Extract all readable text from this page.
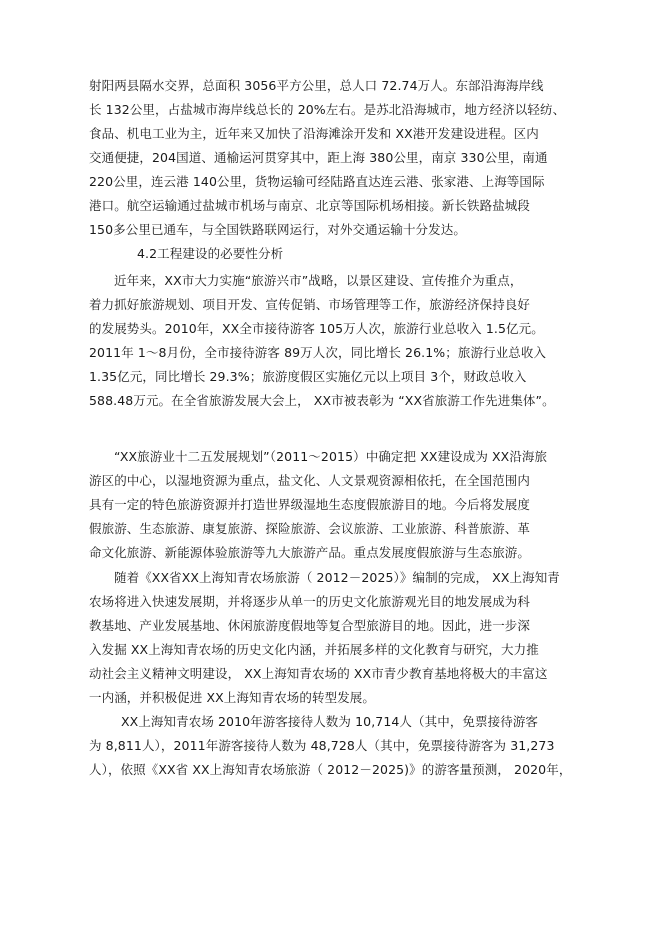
射阳两县隔水交界，总面积 3056平方公里，总人口 72.74万人。东部沿海海岸线

长 132公里，占盐城市海岸线总长的 20%左右。是苏北沿海城市，地方经济以轻纺、

食品、机电工业为主，近年来又加快了沿海滩涂开发和 XX港开发建设进程。区内

交通便捷，204国道、通榆运河贯穿其中，距上海 380公里，南京 330公里，南通

220公里，连云港 140公里，货物运输可经陆路直达连云港、张家港、上海等国际

港口。航空运输通过盐城市机场与南京、北京等国际机场相接。新长铁路盐城段

150多公里已通车，与全国铁路联网运行，对外交通运输十分发达。

4.2工程建设的必要性分析

近年来，XX市大力实施“旅游兴市”战略，以景区建设、宣传推介为重点，

着力抓好旅游规划、项目开发、宣传促销、市场管理等工作，旅游经济保持良好

的发展势头。2010年，XX全市接待游客 105万人次，旅游行业总收入 1.5亿元。

2011年 1～8月份，全市接待游客 89万人次，同比增长 26.1%；旅游行业总收入

1.35亿元，同比增长 29.3%；旅游度假区实施亿元以上项目 3个，财政总收入

588.48万元。在全省旅游发展大会上， XX市被表彰为 “XX省旅游工作先进集体”。

“XX旅游业十二五发展规划”（2011～2015）中确定把 XX建设成为 XX沿海旅

游区的中心，以湿地资源为重点，盐文化、人文景观资源相依托，在全国范围内

具有一定的特色旅游资源并打造世界级湿地生态度假旅游目的地。今后将发展度

假旅游、生态旅游、康复旅游、探险旅游、会议旅游、工业旅游、科普旅游、革

命文化旅游、新能源体验旅游等九大旅游产品。重点发展度假旅游与生态旅游。

随着《XX省XX上海知青农场旅游（ 2012－2025）》编制的完成， XX上海知青

农场将进入快速发展期，并将逐步从单一的历史文化旅游观光目的地发展成为科

教基地、产业发展基地、休闲旅游度假地等复合型旅游目的地。因此，进一步深

入发掘 XX上海知青农场的历史文化内涵，并拓展多样的文化教育与研究，大力推

动社会主义精神文明建设， XX上海知青农场的 XX市青少教育基地将极大的丰富这

一内涵，并积极促进 XX上海知青农场的转型发展。

XX上海知青农场 2010年游客接待人数为 10,714人（其中，免票接待游客

为 8,811人），2011年游客接待人数为 48,728人（其中，免票接待游客为 31,273

人），依照《XX省 XX上海知青农场旅游（ 2012－2025)》的游客量预测， 2020年，
